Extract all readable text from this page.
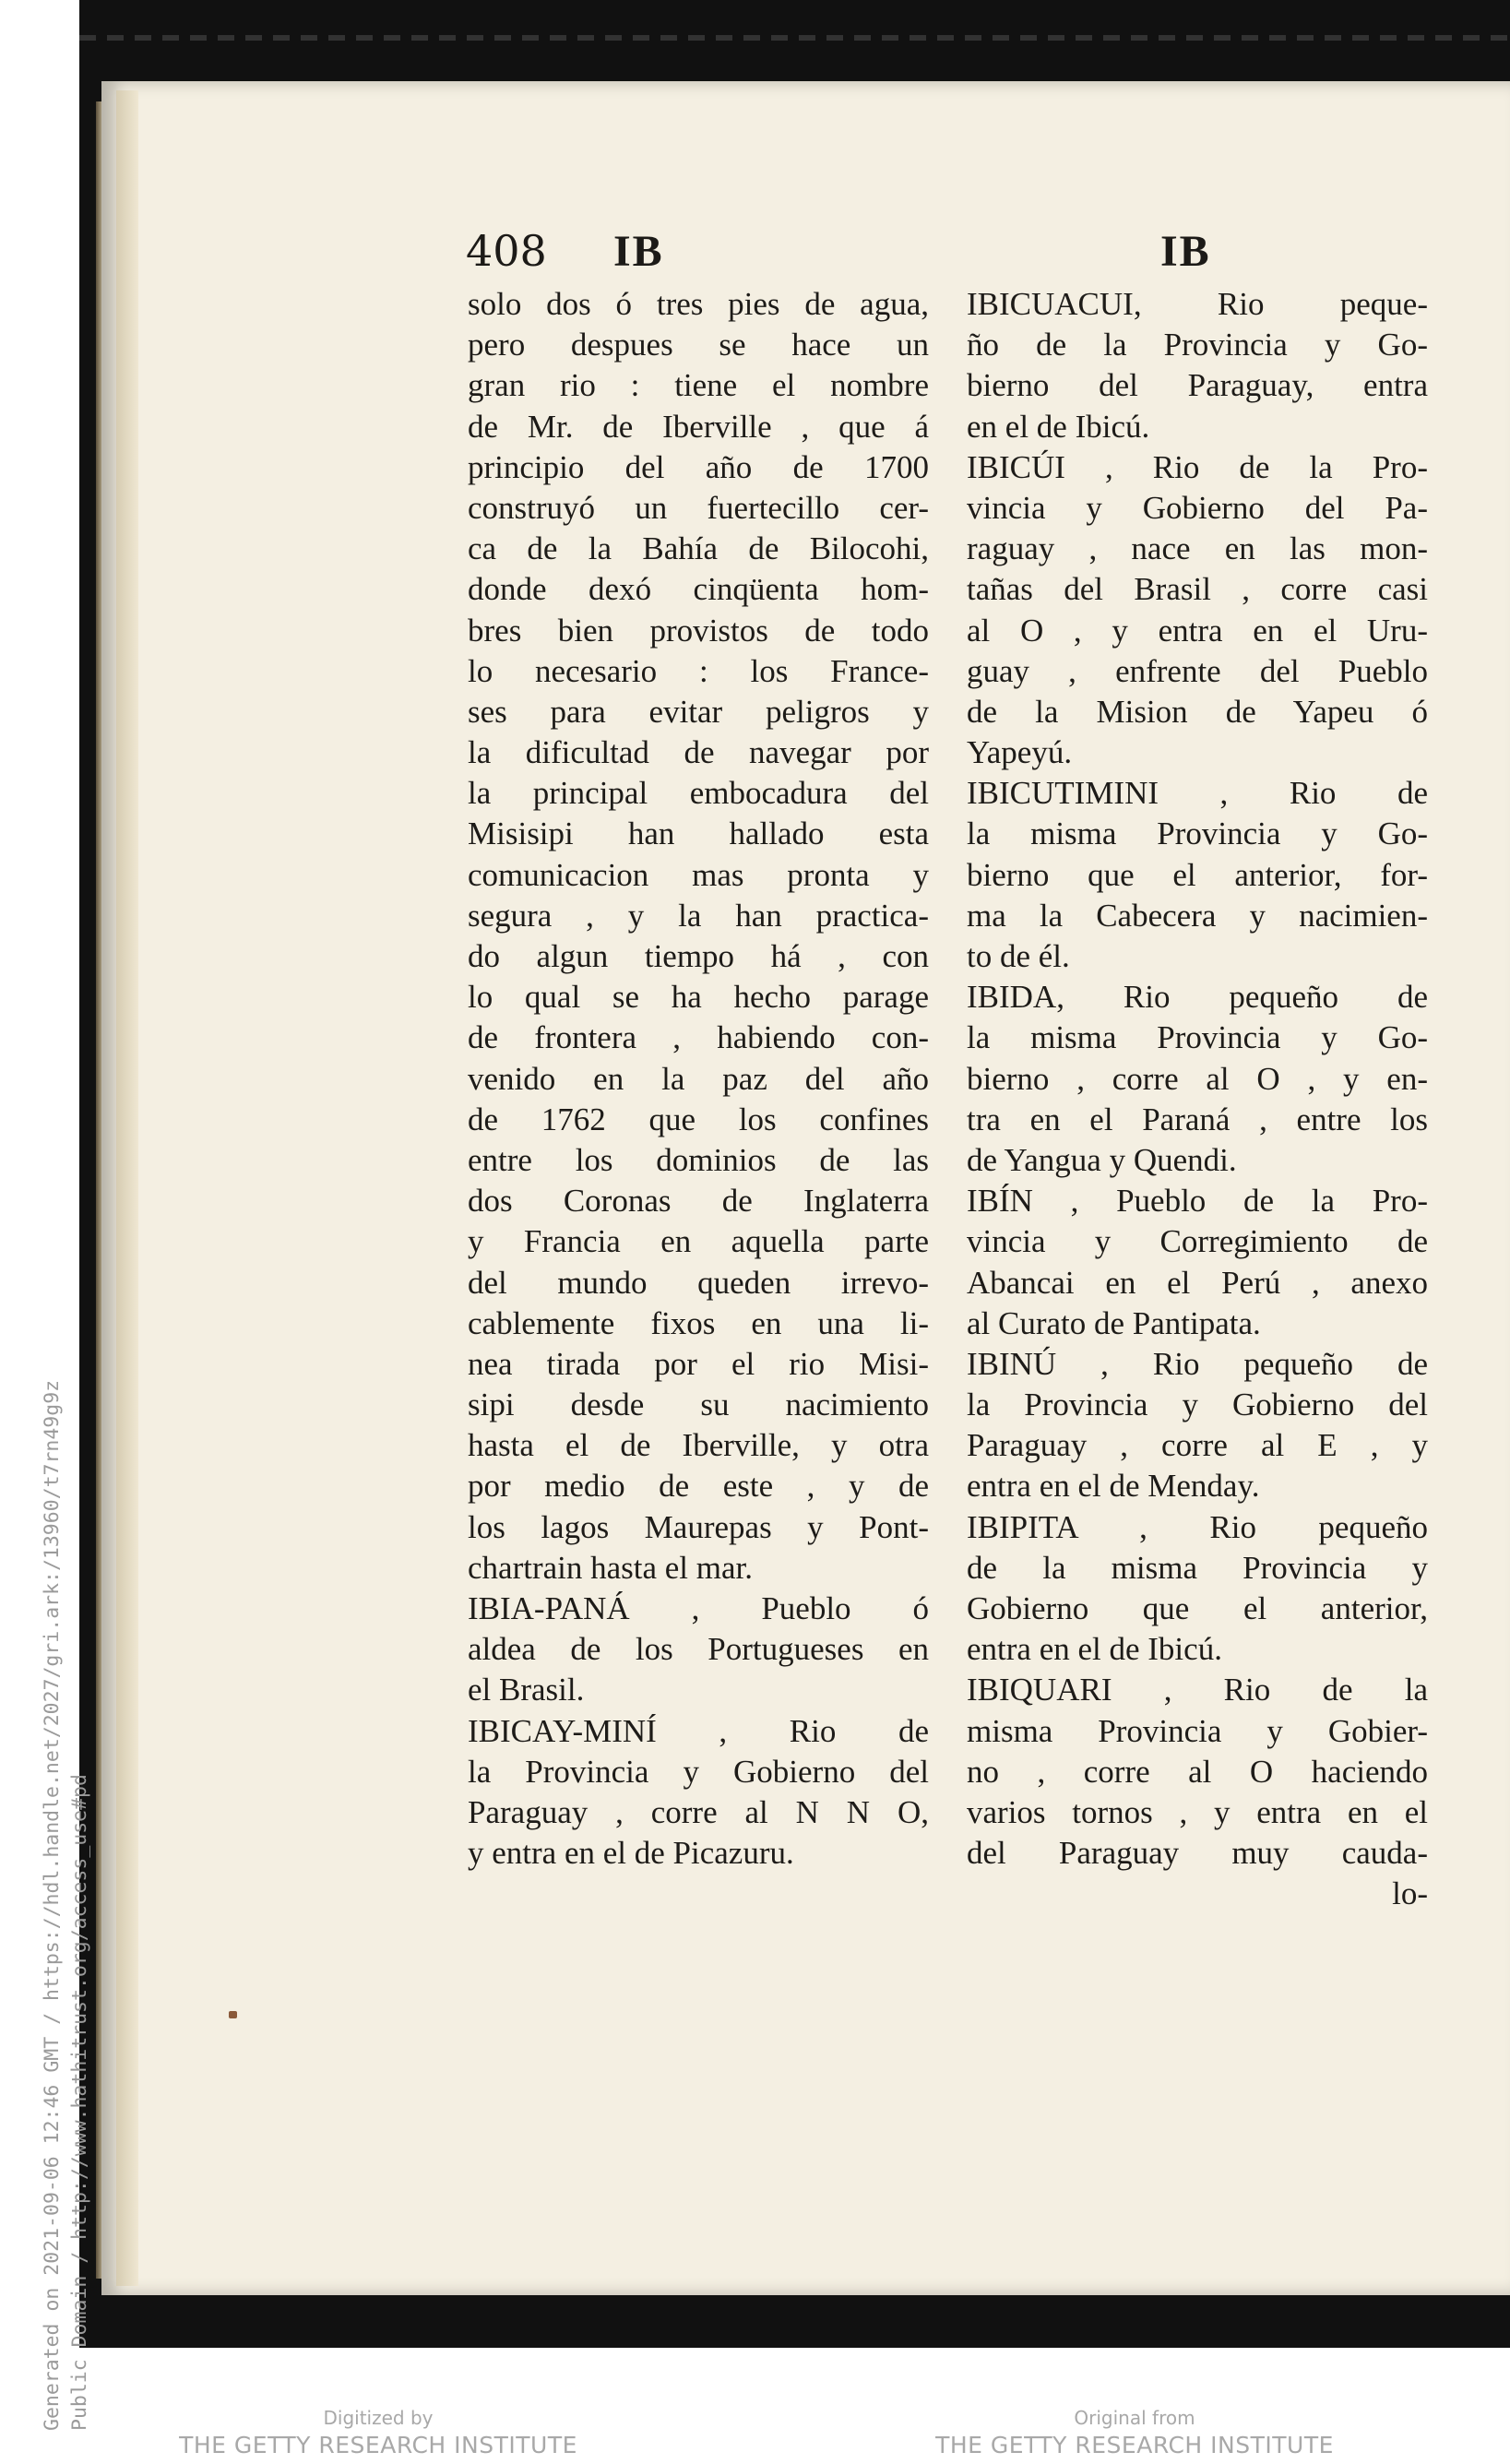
408	IB	IB
solo dos ó tres pies de agua,
pero despues se hace un
gran rio : tiene el nombre
de Mr. de Iberville , que á
principio del año de 1700
construyó un fuertecillo cer-
ca de la Bahía de Bilocohi,
donde dexó cinqüenta hom-
bres bien provistos de todo
lo necesario : los France-
ses para evitar peligros y
la dificultad de navegar por
la principal embocadura del
Misisipi han hallado esta
comunicacion mas pronta y
segura , y la han practica-
do algun tiempo há , con
lo qual se ha hecho parage
de frontera , habiendo con-
venido en la paz del año
de 1762 que los confines
entre los dominios de las
dos Coronas de Inglaterra
y Francia en aquella parte
del mundo queden irrevo-
cablemente fixos en una li-
nea tirada por el rio Misi-
sipi desde su nacimiento
hasta el de Iberville, y otra
por medio de este , y de
los lagos Maurepas y Pont-
chartrain hasta el mar.
IBIA-PANÁ , Pueblo ó
aldea de los Portugueses en
el Brasil.
IBICAY-MINÍ , Rio de
la Provincia y Gobierno del
Paraguay , corre al N N O,
y entra en el de Picazuru.
IBICUACUI, Rio peque-
ño de la Provincia y Go-
bierno del Paraguay, entra
en el de Ibicú.
IBICÚI , Rio de la Pro-
vincia y Gobierno del Pa-
raguay , nace en las mon-
tañas del Brasil , corre casi
al O , y entra en el Uru-
guay , enfrente del Pueblo
de la Mision de Yapeu ó
Yapeyú.
IBICUTIMINI , Rio de
la misma Provincia y Go-
bierno que el anterior, for-
ma la Cabecera y nacimien-
to de él.
IBIDA, Rio pequeño de
la misma Provincia y Go-
bierno , corre al O , y en-
tra en el Paraná , entre los
de Yangua y Quendi.
IBÍN , Pueblo de la Pro-
vincia y Corregimiento de
Abancai en el Perú , anexo
al Curato de Pantipata.
IBINÚ , Rio pequeño de
la Provincia y Gobierno del
Paraguay , corre al E , y
entra en el de Menday.
IBIPITA , Rio pequeño
de la misma Provincia y
Gobierno que el anterior,
entra en el de Ibicú.
IBIQUARI , Rio de la
misma Provincia y Gobier-
no , corre al O haciendo
varios tornos , y entra en el
del Paraguay muy cauda-
lo-
Generated on 2021-09-06 12:46 GMT / https://hdl.handle.net/2027/gri.ark:/13960/t7rn49g9z Public Domain / http://www.hathitrust.org/access_use#pd	Digitized by
THE GETTY RESEARCH INSTITUTE
Original from
THE GETTY RESEARCH INSTITUTE
